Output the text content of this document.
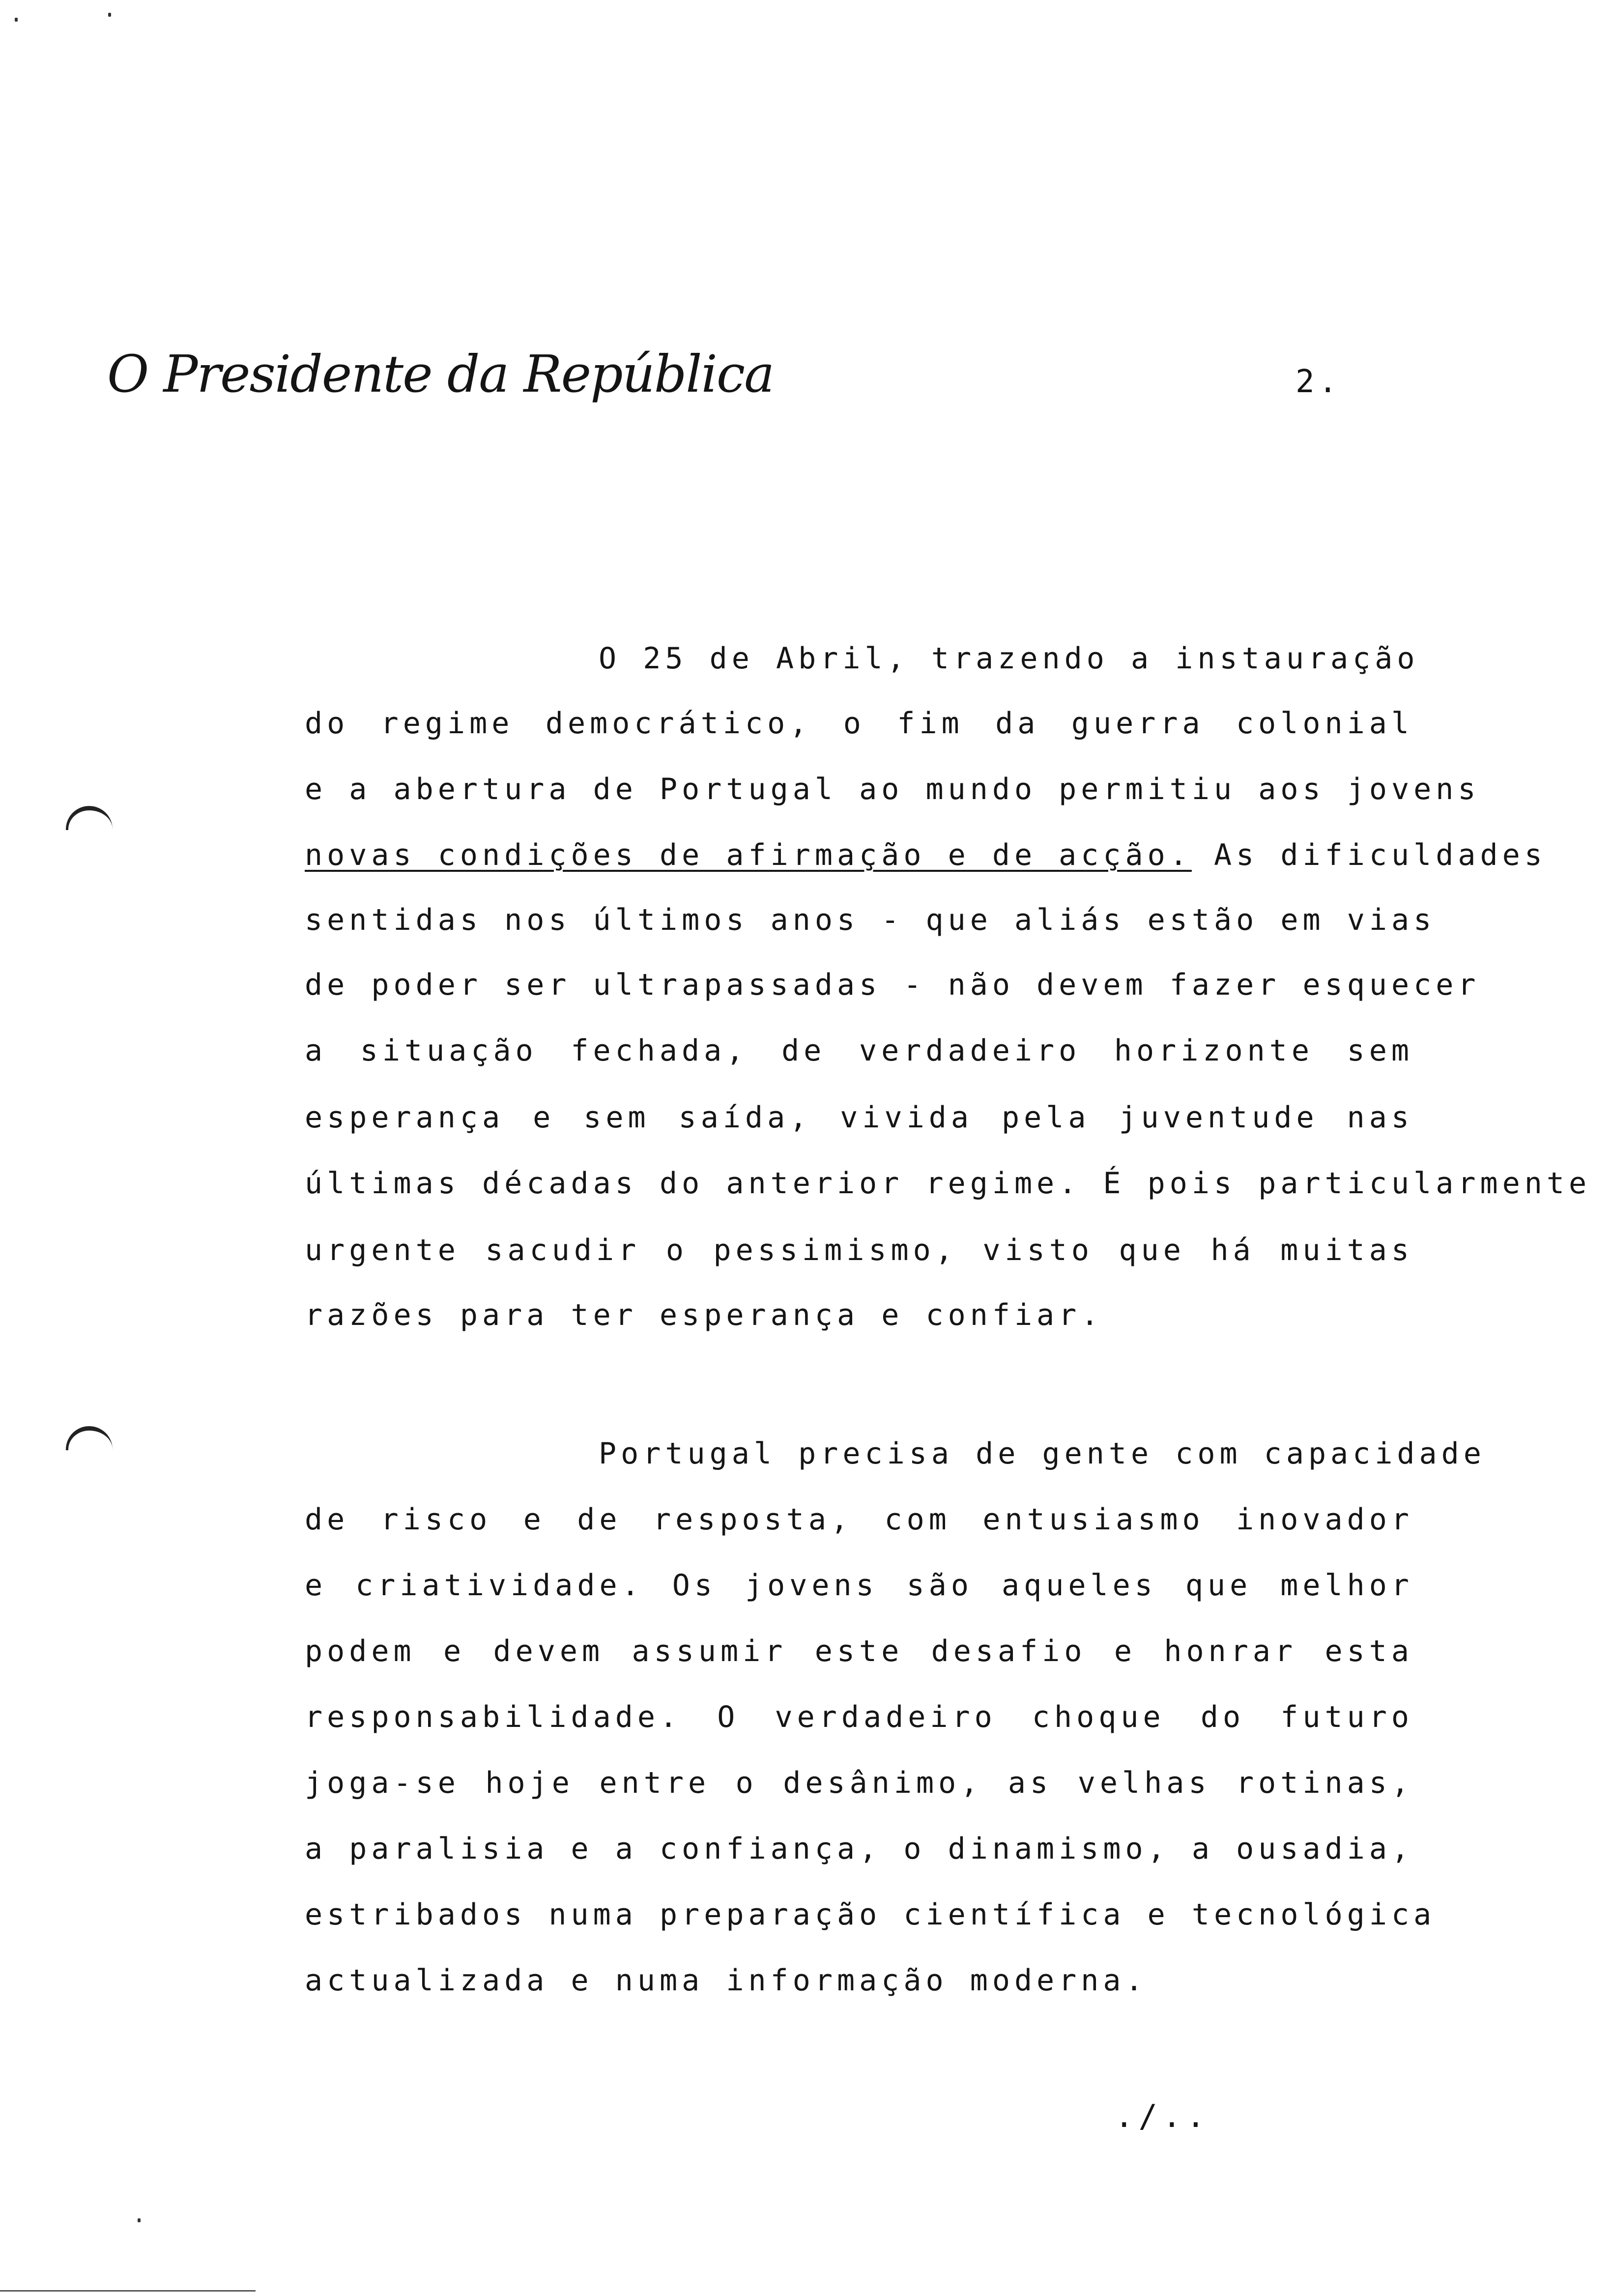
O Presidente da República	2.
O 25 de Abril, trazendo a instauração
do regime democrático, o fim da guerra colonial
e a abertura de Portugal ao mundo permitiu aos jovens
novas condições de afirmação e de acção. As dificuldades
sentidas nos últimos anos - que aliás estão em vias
de poder ser ultrapassadas - não devem fazer esquecer
a situação fechada, de verdadeiro horizonte sem
esperança e sem saída, vivida pela juventude nas
últimas décadas do anterior regime. É pois particularmente
urgente sacudir o pessimismo, visto que há muitas
razões para ter esperança e confiar.
Portugal precisa de gente com capacidade
de risco e de resposta, com entusiasmo inovador
e criatividade. Os jovens são aqueles que melhor
podem e devem assumir este desafio e honrar esta
responsabilidade. O verdadeiro choque do futuro
joga-se hoje entre o desânimo, as velhas rotinas,
a paralisia e a confiança, o dinamismo, a ousadia,
estribados numa preparação científica e tecnológica
actualizada e numa informação moderna.
./..
